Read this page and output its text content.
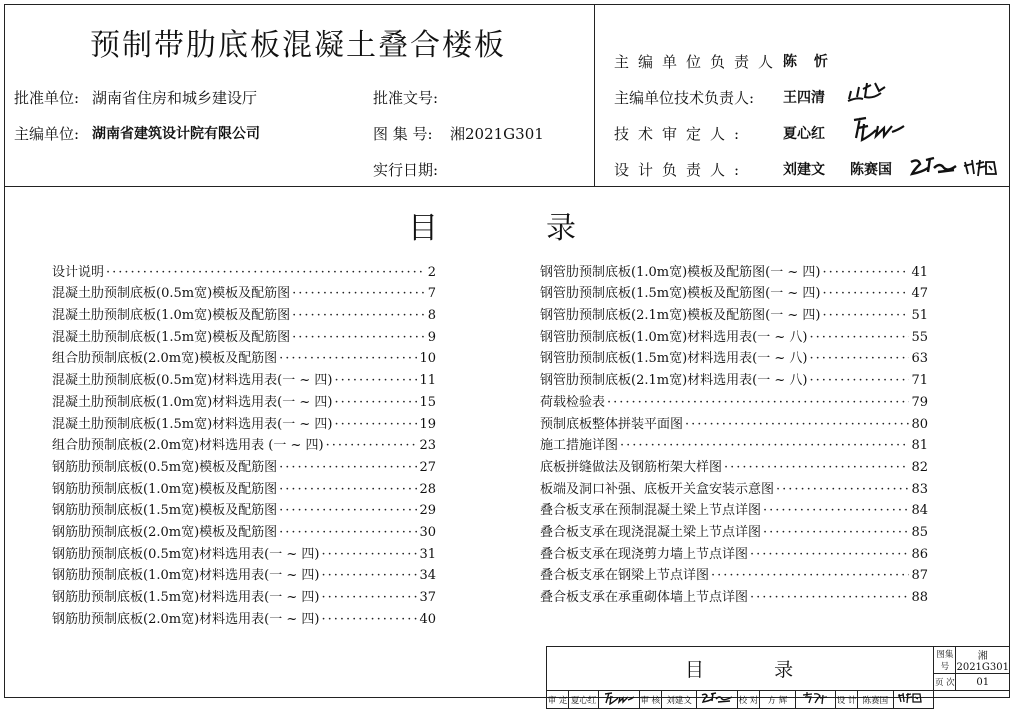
预制带肋底板混凝土叠合楼板
批准单位: 湖南省住房和城乡建设厅	批准文号:
主编单位: 湖南省建筑设计院有限公司	图 集 号: 湘2021G301
实行日期:
主编单位负责人:
陈 忻
主编单位技术负责人: 王四清
技术审定人: 夏心红
设计负责人: 刘建文 陈赛国
目	录
设计说明 ·····	2
混凝土肋预制底板(0.5m宽)模板及配筋图 ·····	7
混凝土肋预制底板(1.0m宽)模板及配筋图 ·····	8
混凝土肋预制底板(1.5m宽)模板及配筋图 ·····	9
组合肋预制底板(2.0m宽)模板及配筋图 ·····	10
混凝土肋预制底板(0.5m宽)材料选用表(一 ~ 四) ·····	11
混凝土肋预制底板(1.0m宽)材料选用表(一 ~ 四) ·····	15
混凝土肋预制底板(1.5m宽)材料选用表(一 ~ 四) ·····	19
组合肋预制底板(2.0m宽)材料选用表 (一 ~ 四) ·····	23
钢筋肋预制底板(0.5m宽)模板及配筋图 ·····	27
钢筋肋预制底板(1.0m宽)模板及配筋图 ·····	28
钢筋肋预制底板(1.5m宽)模板及配筋图 ·····	29
钢筋肋预制底板(2.0m宽)模板及配筋图 ·····	30
钢筋肋预制底板(0.5m宽)材料选用表(一 ~ 四) ·····	31
钢筋肋预制底板(1.0m宽)材料选用表(一 ~ 四) ·····	34
钢筋肋预制底板(1.5m宽)材料选用表(一 ~ 四) ·····	37
钢筋肋预制底板(2.0m宽)材料选用表(一 ~ 四) ·····	40
钢管肋预制底板(1.0m宽)模板及配筋图(一 ~ 四) ·····	41
钢管肋预制底板(1.5m宽)模板及配筋图(一 ~ 四) ·····	47
钢管肋预制底板(2.1m宽)模板及配筋图(一 ~ 四) ·····	51
钢管肋预制底板(1.0m宽)材料选用表(一 ~ 八) ·····	55
钢管肋预制底板(1.5m宽)材料选用表(一 ~ 八) ·····	63
钢管肋预制底板(2.1m宽)材料选用表(一 ~ 八) ·····	71
荷载检验表 ·····	79
预制底板整体拼装平面图 ·····	80
施工措施详图 ·····	81
底板拼缝做法及钢筋桁架大样图 ·····	82
板端及洞口补强、底板开关盒安装示意图 ·····	83
叠合板支承在预制混凝土梁上节点详图 ·····	84
叠合板支承在现浇混凝土梁上节点详图 ·····	85
叠合板支承在现浇剪力墙上节点详图 ·····	86
叠合板支承在钢梁上节点详图 ·····	87
叠合板支承在承重砌体墙上节点详图 ·····	88
目 录												图集号	湘2021G301
												页 次	01
审 定	夏心红		审 核	刘建文		校 对	方 辉		设 计	陈赛国	
